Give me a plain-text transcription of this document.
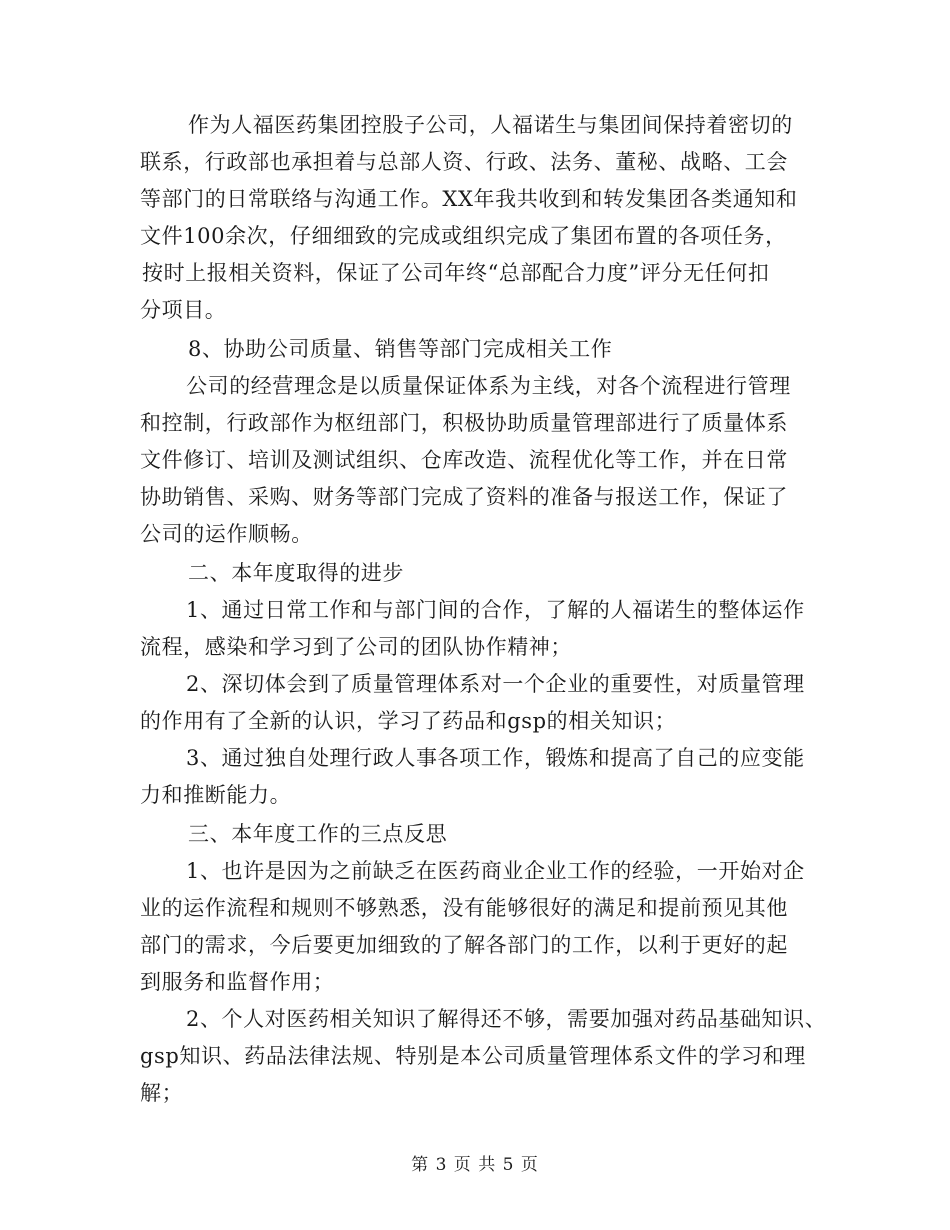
作为人福医药集团控股子公司，人福诺生与集团间保持着密切的
联系，行政部也承担着与总部人资、行政、法务、董秘、战略、工会
等部门的日常联络与沟通工作。XX年我共收到和转发集团各类通知和
文件100余次，仔细细致的完成或组织完成了集团布置的各项任务，
按时上报相关资料，保证了公司年终“总部配合力度”评分无任何扣
分项目。
8、协助公司质量、销售等部门完成相关工作
公司的经营理念是以质量保证体系为主线，对各个流程进行管理
和控制，行政部作为枢纽部门，积极协助质量管理部进行了质量体系
文件修订、培训及测试组织、仓库改造、流程优化等工作，并在日常
协助销售、采购、财务等部门完成了资料的准备与报送工作，保证了
公司的运作顺畅。
二、本年度取得的进步
1、通过日常工作和与部门间的合作，了解的人福诺生的整体运作
流程，感染和学习到了公司的团队协作精神；
2、深切体会到了质量管理体系对一个企业的重要性，对质量管理
的作用有了全新的认识，学习了药品和gsp的相关知识；
3、通过独自处理行政人事各项工作，锻炼和提高了自己的应变能
力和推断能力。
三、本年度工作的三点反思
1、也许是因为之前缺乏在医药商业企业工作的经验，一开始对企
业的运作流程和规则不够熟悉，没有能够很好的满足和提前预见其他
部门的需求，今后要更加细致的了解各部门的工作，以利于更好的起
到服务和监督作用；
2、个人对医药相关知识了解得还不够，需要加强对药品基础知识、
gsp知识、药品法律法规、特别是本公司质量管理体系文件的学习和理
解；
第 3 页 共 5 页
